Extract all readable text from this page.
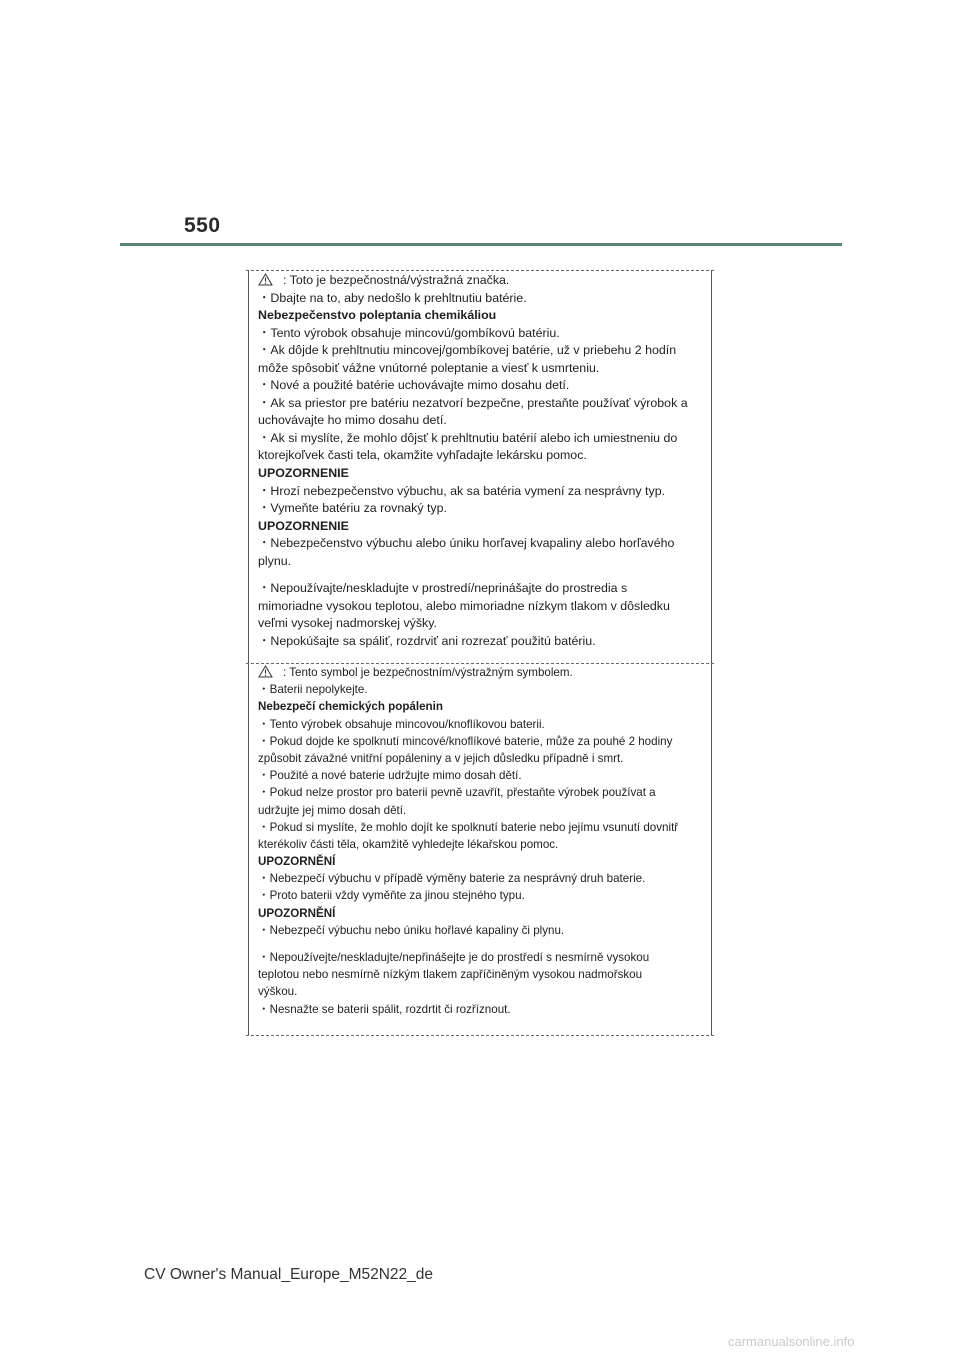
550
: Toto je bezpečnostná/výstražná značka.
・Dbajte na to, aby nedošlo k prehltnutiu batérie.
Nebezpečenstvo poleptania chemikáliou
・Tento výrobok obsahuje mincovú/gombíkovú batériu.
・Ak dôjde k prehltnutiu mincovej/gombíkovej batérie, už v priebehu 2 hodín
môže spôsobiť vážne vnútorné poleptanie a viesť k usmrteniu.
・Nové a použité batérie uchovávajte mimo dosahu detí.
・Ak sa priestor pre batériu nezatvorí bezpečne, prestaňte používať výrobok a
uchovávajte ho mimo dosahu detí.
・Ak si myslíte, že mohlo dôjsť k prehltnutiu batérií alebo ich umiestneniu do
ktorejkoľvek časti tela, okamžite vyhľadajte lekársku pomoc.
UPOZORNENIE
・Hrozí nebezpečenstvo výbuchu, ak sa batéria vymení za nesprávny typ.
・Vymeňte batériu za rovnaký typ.
UPOZORNENIE
・Nebezpečenstvo výbuchu alebo úniku horľavej kvapaliny alebo horľavého
plynu.
・Nepoužívajte/neskladujte v prostredí/neprinášajte do prostredia s
mimoriadne vysokou teplotou, alebo mimoriadne nízkym tlakom v dôsledku
veľmi vysokej nadmorskej výšky.
・Nepokúšajte sa spáliť, rozdrviť ani rozrezať použitú batériu.
: Tento symbol je bezpečnostním/výstražným symbolem.
・Baterii nepolykejte.
Nebezpečí chemických popálenin
・Tento výrobek obsahuje mincovou/knoflíkovou baterii.
・Pokud dojde ke spolknutí mincové/knoflíkové baterie, může za pouhé 2 hodiny
způsobit závažné vnitřní popáleniny a v jejich důsledku případně i smrt.
・Použité a nové baterie udržujte mimo dosah dětí.
・Pokud nelze prostor pro baterii pevně uzavřít, přestaňte výrobek používat a
udržujte jej mimo dosah dětí.
・Pokud si myslíte, že mohlo dojít ke spolknutí baterie nebo jejímu vsunutí dovnitř
kterékoliv části těla, okamžitě vyhledejte lékařskou pomoc.
UPOZORNĚNÍ
・Nebezpečí výbuchu v případě výměny baterie za nesprávný druh baterie.
・Proto baterii vždy vyměňte za jinou stejného typu.
UPOZORNĚNÍ
・Nebezpečí výbuchu nebo úniku hořlavé kapaliny či plynu.
・Nepoužívejte/neskladujte/nepřinášejte je do prostředí s nesmírně vysokou
teplotou nebo nesmírně nízkým tlakem zapříčiněným vysokou nadmořskou
výškou.
・Nesnažte se baterii spálit, rozdrtit či rozříznout.
CV Owner's Manual_Europe_M52N22_de
carmanualsonline.info
